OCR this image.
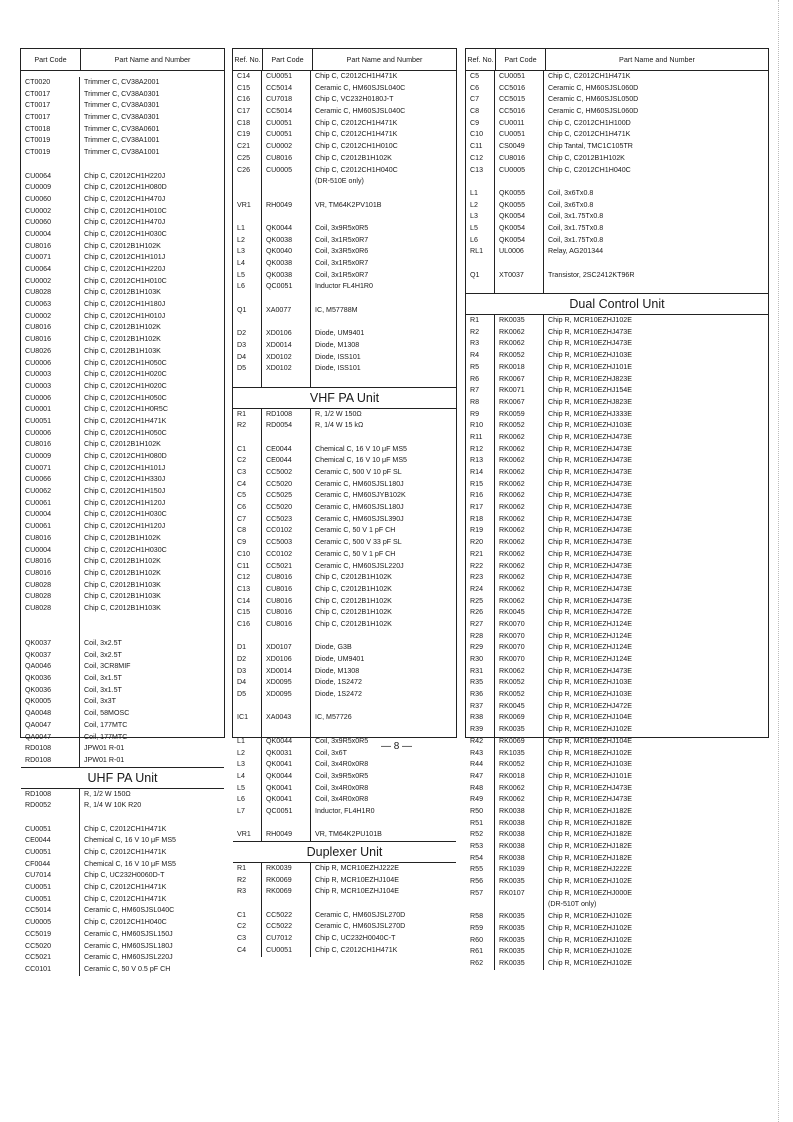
Part Code	Part Name and Number
CT0020	Trimmer C, CV38A2001
CT0017	Trimmer C, CV38A0301
CT0017	Trimmer C, CV38A0301
CT0017	Trimmer C, CV38A0301
CT0018	Trimmer C, CV38A0601
CT0019	Trimmer C, CV38A1001
CT0019	Trimmer C, CV38A1001
CU0064	Chip C, C2012CH1H220J
CU0009	Chip C, C2012CH1H080D
CU0060	Chip C, C2012CH1H470J
CU0002	Chip C, C2012CH1H010C
CU0060	Chip C, C2012CH1H470J
CU0004	Chip C, C2012CH1H030C
CU8016	Chip C, C2012B1H102K
CU0071	Chip C, C2012CH1H101J
CU0064	Chip C, C2012CH1H220J
CU0002	Chip C, C2012CH1H010C
CU8028	Chip C, C2012B1H103K
CU0063	Chip C, C2012CH1H180J
CU0002	Chip C, C2012CH1H010J
CU8016	Chip C, C2012B1H102K
CU8016	Chip C, C2012B1H102K
CU8026	Chip C, C2012B1H103K
CU0006	Chip C, C2012CH1H050C
CU0003	Chip C, C2012CH1H020C
CU0003	Chip C, C2012CH1H020C
CU0006	Chip C, C2012CH1H050C
CU0001	Chip C, C2012CH1H0R5C
CU0051	Chip C, C2012CH1H471K
CU0006	Chip C, C2012CH1H050C
CU8016	Chip C, C2012B1H102K
CU0009	Chip C, C2012CH1H080D
CU0071	Chip C, C2012CH1H101J
CU0066	Chip C, C2012CH1H330J
CU0062	Chip C, C2012CH1H150J
CU0061	Chip C, C2012CH1H120J
CU0004	Chip C, C2012CH1H030C
CU0061	Chip C, C2012CH1H120J
CU8016	Chip C, C2012B1H102K
CU0004	Chip C, C2012CH1H030C
CU8016	Chip C, C2012B1H102K
CU8016	Chip C, C2012B1H102K
CU8028	Chip C, C2012B1H103K
CU8028	Chip C, C2012B1H103K
CU8028	Chip C, C2012B1H103K
QK0037	Coil, 3x2.5T
QK0037	Coil, 3x2.5T
QA0046	Coil, 3CR8MIF
QK0036	Coil, 3x1.5T
QK0036	Coil, 3x1.5T
QK0005	Coil, 3x3T
QA0048	Coil, 58MOSC
QA0047	Coil, 177MTC
QA0047	Coil, 177MTC
RD0108	JPW01 R-01
RD0108	JPW01 R-01
UHF PA Unit
RD1008	R, 1/2 W 150Ω
RD0052	R, 1/4 W 10K R20
CU0051	Chip C, C2012CH1H471K
CE0044	Chemical C, 16 V 10 μF MS5
CU0051	Chip C, C2012CH1H471K
CF0044	Chemical C, 16 V 10 μF MS5
CU7014	Chip C, UC232H0060D-T
CU0051	Chip C, C2012CH1H471K
CU0051	Chip C, C2012CH1H471K
CC5014	Ceramic C, HM60SJSL040C
CU0005	Chip C, C2012CH1H040C
CC5019	Ceramic C, HM60SJSL150J
CC5020	Ceramic C, HM60SJSL180J
CC5021	Ceramic C, HM60SJSL220J
CC0101	Ceramic C, 50 V 0.5 pF CH
Ref. No.	Part Code	Part Name and Number
C14	CU0051	Chip C, C2012CH1H471K
C15	CC5014	Ceramic C, HM60SJSL040C
C16	CU7018	Chip C, VC232H0180J-T
C17	CC5014	Ceramic C, HM60SJSL040C
C18	CU0051	Chip C, C2012CH1H471K
C19	CU0051	Chip C, C2012CH1H471K
C21	CU0002	Chip C, C2012CH1H010C
C25	CU8016	Chip C, C2012B1H102K
C26	CU0005	Chip C, C2012CH1H040C
(DR-510E only)
VR1	RH0049	VR, TM64K2PV101B
L1	QK0044	Coil, 3x9R5x0R5
L2	QK0038	Coil, 3x1R5x0R7
L3	QK0040	Coil, 3x3R5x0R6
L4	QK0038	Coil, 3x1R5x0R7
L5	QK0038	Coil, 3x1R5x0R7
L6	QC0051	Inductor FL4H1R0
Q1	XA0077	IC, M57788M
D2	XD0106	Diode, UM9401
D3	XD0014	Diode, M1308
D4	XD0102	Diode, ISS101
D5	XD0102	Diode, ISS101
VHF PA Unit
R1	RD1008	R, 1/2 W 150Ω
R2	RD0054	R, 1/4 W 15 kΩ
C1	CE0044	Chemical C, 16 V 10 μF MS5
C2	CE0044	Chemical C, 16 V 10 μF MS5
C3	CC5002	Ceramic C, 500 V 10 pF SL
C4	CC5020	Ceramic C, HM60SJSL180J
C5	CC5025	Ceramic C, HM60SJYB102K
C6	CC5020	Ceramic C, HM60SJSL180J
C7	CC5023	Ceramic C, HM60SJSL390J
C8	CC0102	Ceramic C, 50 V 1 pF CH
C9	CC5003	Ceramic C, 500 V 33 pF SL
C10	CC0102	Ceramic C, 50 V 1 pF CH
C11	CC5021	Ceramic C, HM60SJSL220J
C12	CU8016	Chip C, C2012B1H102K
C13	CU8016	Chip C, C2012B1H102K
C14	CU8016	Chip C, C2012B1H102K
C15	CU8016	Chip C, C2012B1H102K
C16	CU8016	Chip C, C2012B1H102K
D1	XD0107	Diode, G3B
D2	XD0106	Diode, UM9401
D3	XD0014	Diode, M1308
D4	XD0095	Diode, 1S2472
D5	XD0095	Diode, 1S2472
IC1	XA0043	IC, M57726
L1	QK0044	Coil, 3x9R5x0R5
L2	QK0031	Coil, 3x6T
L3	QK0041	Coil, 3x4R0x0R8
L4	QK0044	Coil, 3x9R5x0R5
L5	QK0041	Coil, 3x4R0x0R8
L6	QK0041	Coil, 3x4R0x0R8
L7	QC0051	Inductor, FL4H1R0
VR1	RH0049	VR, TM64K2PU101B
Duplexer Unit
R1	RK0039	Chip R, MCR10EZHJ222E
R2	RK0069	Chip R, MCR10EZHJ104E
R3	RK0069	Chip R, MCR10EZHJ104E
C1	CC5022	Ceramic C, HM60SJSL270D
C2	CC5022	Ceramic C, HM60SJSL270D
C3	CU7012	Chip C, UC232H0040C-T
C4	CU0051	Chip C, C2012CH1H471K
Ref. No.	Part Code	Part Name and Number
C5	CU0051	Chip C, C2012CH1H471K
C6	CC5016	Ceramic C, HM60SJSL060D
C7	CC5015	Ceramic C, HM60SJSL050D
C8	CC5016	Ceramic C, HM60SJSL060D
C9	CU0011	Chip C, C2012CH1H100D
C10	CU0051	Chip C, C2012CH1H471K
C11	CS0049	Chip Tantal, TMC1C105TR
C12	CU8016	Chip C, C2012B1H102K
C13	CU0005	Chip C, C2012CH1H040C
L1	QK0055	Coil, 3x6Tx0.8
L2	QK0055	Coil, 3x6Tx0.8
L3	QK0054	Coil, 3x1.75Tx0.8
L5	QK0054	Coil, 3x1.75Tx0.8
L6	QK0054	Coil, 3x1.75Tx0.8
RL1	UL0006	Relay, AG201344
Q1	XT0037	Transistor, 2SC2412KT96R
Dual Control Unit
R1	RK0035	Chip R, MCR10EZHJ102E
R2	RK0062	Chip R, MCR10EZHJ473E
R3	RK0062	Chip R, MCR10EZHJ473E
R4	RK0052	Chip R, MCR10EZHJ103E
R5	RK0018	Chip R, MCR10EZHJ101E
R6	RK0067	Chip R, MCR10EZHJ823E
R7	RK0071	Chip R, MCR10EZHJ154E
R8	RK0067	Chip R, MCR10EZHJ823E
R9	RK0059	Chip R, MCR10EZHJ333E
R10	RK0052	Chip R, MCR10EZHJ103E
R11	RK0062	Chip R, MCR10EZHJ473E
R12	RK0062	Chip R, MCR10EZHJ473E
R13	RK0062	Chip R, MCR10EZHJ473E
R14	RK0062	Chip R, MCR10EZHJ473E
R15	RK0062	Chip R, MCR10EZHJ473E
R16	RK0062	Chip R, MCR10EZHJ473E
R17	RK0062	Chip R, MCR10EZHJ473E
R18	RK0062	Chip R, MCR10EZHJ473E
R19	RK0062	Chip R, MCR10EZHJ473E
R20	RK0062	Chip R, MCR10EZHJ473E
R21	RK0062	Chip R, MCR10EZHJ473E
R22	RK0062	Chip R, MCR10EZHJ473E
R23	RK0062	Chip R, MCR10EZHJ473E
R24	RK0062	Chip R, MCR10EZHJ473E
R25	RK0062	Chip R, MCR10EZHJ473E
R26	RK0045	Chip R, MCR10EZHJ472E
R27	RK0070	Chip R, MCR10EZHJ124E
R28	RK0070	Chip R, MCR10EZHJ124E
R29	RK0070	Chip R, MCR10EZHJ124E
R30	RK0070	Chip R, MCR10EZHJ124E
R31	RK0062	Chip R, MCR10EZHJ473E
R35	RK0052	Chip R, MCR10EZHJ103E
R36	RK0052	Chip R, MCR10EZHJ103E
R37	RK0045	Chip R, MCR10EZHJ472E
R38	RK0069	Chip R, MCR10EZHJ104E
R39	RK0035	Chip R, MCR10EZHJ102E
R42	RK0069	Chip R, MCR10EZHJ104E
R43	RK1035	Chip R, MCR18EZHJ102E
R44	RK0052	Chip R, MCR10EZHJ103E
R47	RK0018	Chip R, MCR10EZHJ101E
R48	RK0062	Chip R, MCR10EZHJ473E
R49	RK0062	Chip R, MCR10EZHJ473E
R50	RK0038	Chip R, MCR10EZHJ182E
R51	RK0038	Chip R, MCR10EZHJ182E
R52	RK0038	Chip R, MCR10EZHJ182E
R53	RK0038	Chip R, MCR10EZHJ182E
R54	RK0038	Chip R, MCR10EZHJ182E
R55	RK1039	Chip R, MCR18EZHJ222E
R56	RK0035	Chip R, MCR10EZHJ102E
R57	RK0107	Chip R, MCR10EZHJ000E
(DR-510T only)
R58	RK0035	Chip R, MCR10EZHJ102E
R59	RK0035	Chip R, MCR10EZHJ102E
R60	RK0035	Chip R, MCR10EZHJ102E
R61	RK0035	Chip R, MCR10EZHJ102E
R62	RK0035	Chip R, MCR10EZHJ102E
— 8 —
